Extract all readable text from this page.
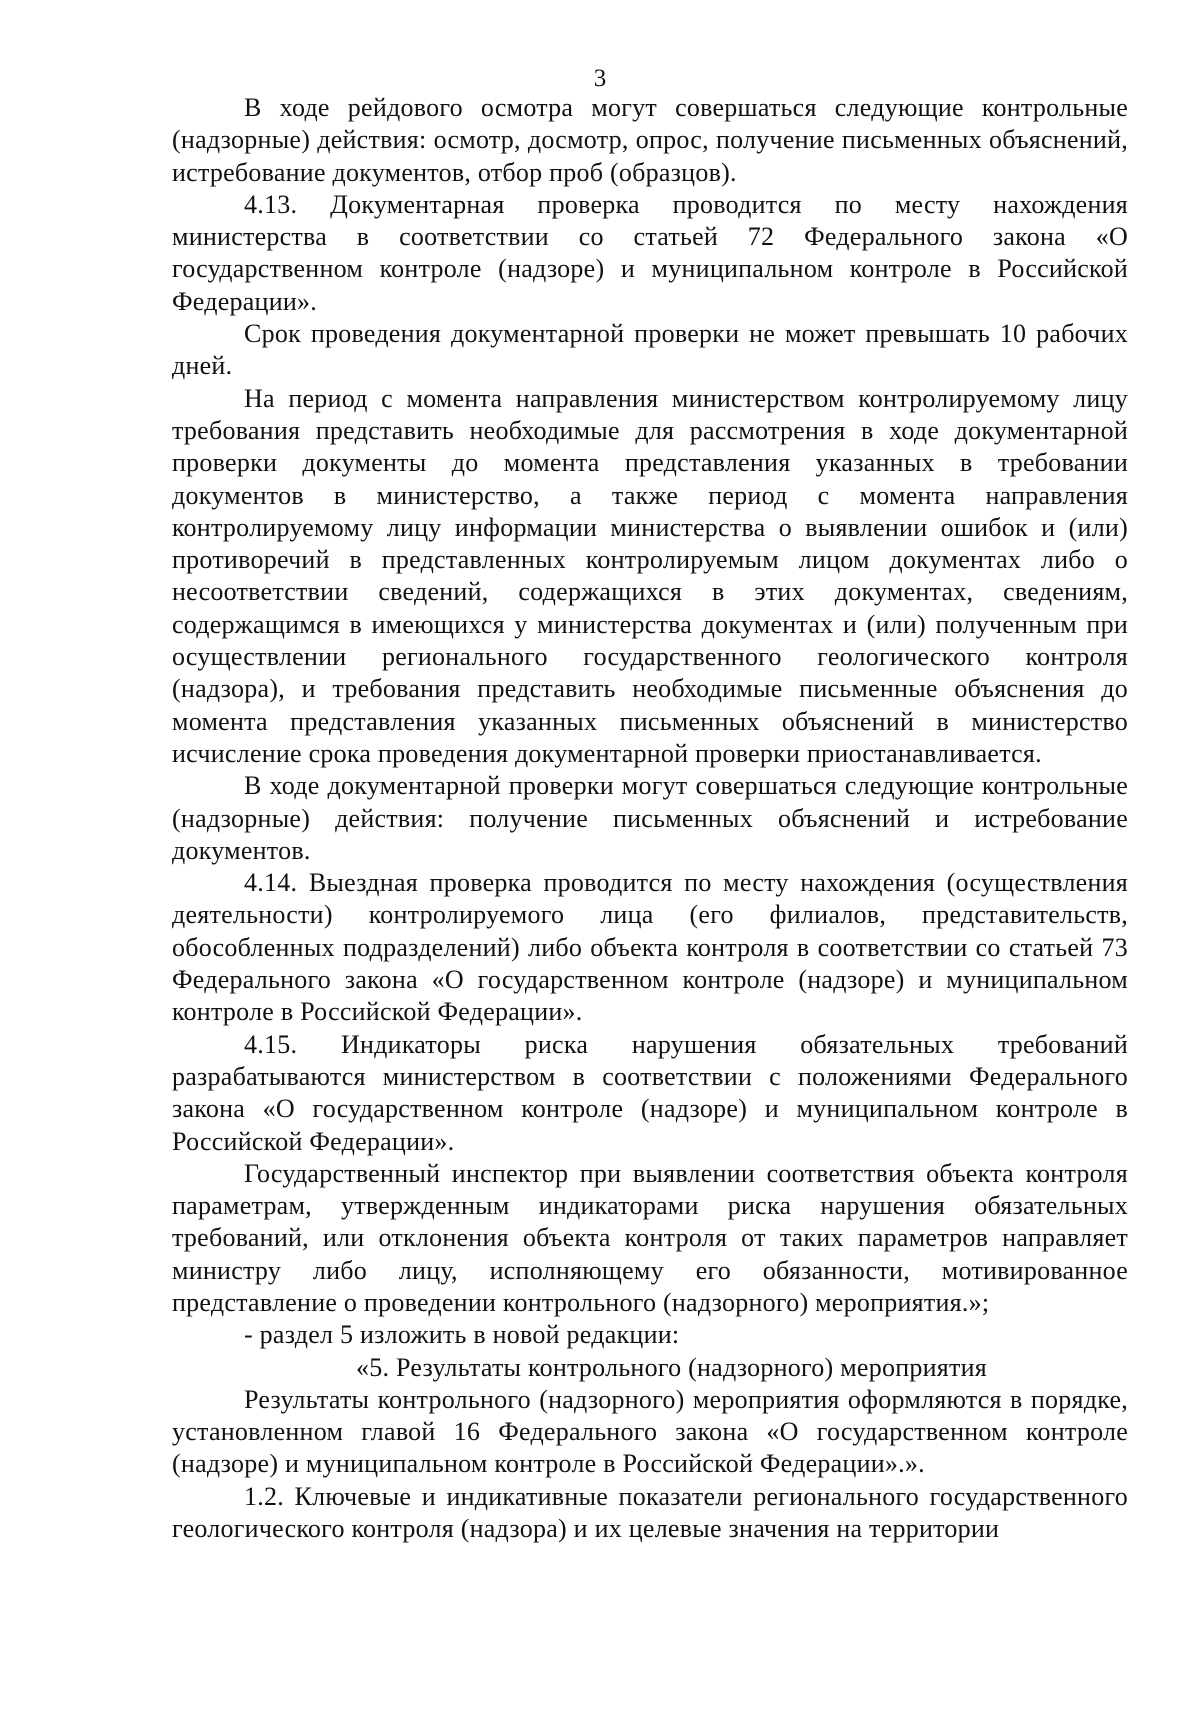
3

В ходе рейдового осмотра могут совершаться следующие контрольные (надзорные) действия: осмотр, досмотр, опрос, получение письменных объяснений, истребование документов, отбор проб (образцов).

4.13. Документарная проверка проводится по месту нахождения министерства в соответствии со статьей 72 Федерального закона «О государственном контроле (надзоре) и муниципальном контроле в Российской Федерации».

Срок проведения документарной проверки не может превышать 10 рабочих дней.

На период с момента направления министерством контролируемому лицу требования представить необходимые для рассмотрения в ходе документарной проверки документы до момента представления указанных в требовании документов в министерство, а также период с момента направления контролируемому лицу информации министерства о выявлении ошибок и (или) противоречий в представленных контролируемым лицом документах либо о несоответствии сведений, содержащихся в этих документах, сведениям, содержащимся в имеющихся у министерства документах и (или) полученным при осуществлении регионального государственного геологического контроля (надзора), и требования представить необходимые письменные объяснения до момента представления указанных письменных объяснений в министерство исчисление срока проведения документарной проверки приостанавливается.

В ходе документарной проверки могут совершаться следующие контрольные (надзорные) действия: получение письменных объяснений и истребование документов.

4.14. Выездная проверка проводится по месту нахождения (осуществления деятельности) контролируемого лица (его филиалов, представительств, обособленных подразделений) либо объекта контроля в соответствии со статьей 73 Федерального закона «О государственном контроле (надзоре) и муниципальном контроле в Российской Федерации».

4.15. Индикаторы риска нарушения обязательных требований разрабатываются министерством в соответствии с положениями Федерального закона «О государственном контроле (надзоре) и муниципальном контроле в Российской Федерации».

Государственный инспектор при выявлении соответствия объекта контроля параметрам, утвержденным индикаторами риска нарушения обязательных требований, или отклонения объекта контроля от таких параметров направляет министру либо лицу, исполняющему его обязанности, мотивированное представление о проведении контрольного (надзорного) мероприятия.»;

- раздел 5 изложить в новой редакции:

«5. Результаты контрольного (надзорного) мероприятия

Результаты контрольного (надзорного) мероприятия оформляются в порядке, установленном главой 16 Федерального закона «О государственном контроле (надзоре) и муниципальном контроле в Российской Федерации».».

1.2. Ключевые и индикативные показатели регионального государственного геологического контроля (надзора) и их целевые значения на территории
